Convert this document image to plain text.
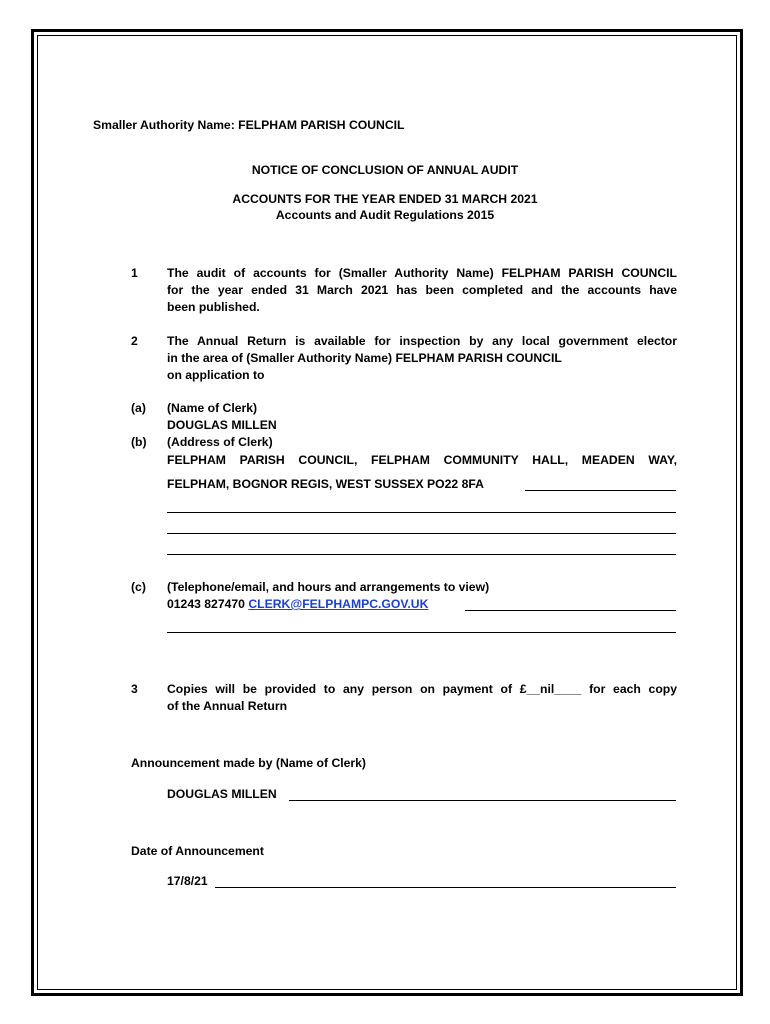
Smaller Authority Name: FELPHAM PARISH COUNCIL
NOTICE OF CONCLUSION OF ANNUAL AUDIT
ACCOUNTS FOR THE YEAR ENDED 31 MARCH 2021
Accounts and Audit Regulations 2015
1 The audit of accounts for (Smaller Authority Name) FELPHAM PARISH COUNCIL
for the year ended 31 March 2021 has been completed and the accounts have
been published.
2 The Annual Return is available for inspection by any local government elector
in the area of (Smaller Authority Name) FELPHAM PARISH COUNCIL
on application to
(a) (Name of Clerk)
DOUGLAS MILLEN
(b) (Address of Clerk)
FELPHAM PARISH COUNCIL, FELPHAM COMMUNITY HALL, MEADEN WAY,
FELPHAM, BOGNOR REGIS, WEST SUSSEX PO22 8FA
(c) (Telephone/email, and hours and arrangements to view)
01243 827470 CLERK@FELPHAMPC.GOV.UK
3 Copies will be provided to any person on payment of £__nil____ for each copy
of the Annual Return
Announcement made by (Name of Clerk)
DOUGLAS MILLEN
Date of Announcement
17/8/21
